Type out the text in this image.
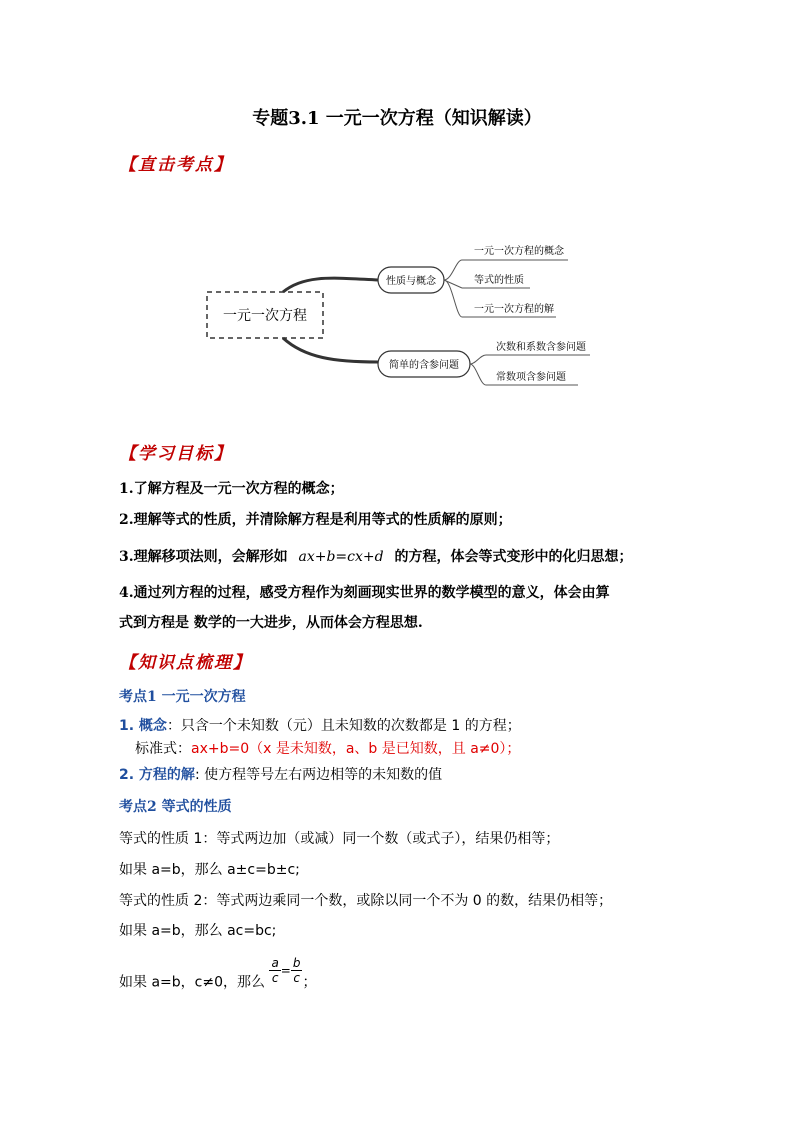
专题3.1 一元一次方程（知识解读）
【直击考点】
一元一次方程
性质与概念
一元一次方程的概念
等式的性质
一元一次方程的解
简单的含参问题
次数和系数含参问题
常数项含参问题
【学习目标】
1.了解方程及一元一次方程的概念；
2.理解等式的性质，并清除解方程是利用等式的性质解的原则；
3.理解移项法则，会解形如 ax+b=cx+d 的方程，体会等式变形中的化归思想；
4.通过列方程的过程，感受方程作为刻画现实世界的数学模型的意义，体会由算
式到方程是 数学的一大进步，从而体会方程思想.
【知识点梳理】
考点1 一元一次方程
1. 概念：只含一个未知数（元）且未知数的次数都是 1 的方程；
标准式：ax+b=0（x 是未知数，a、b 是已知数，且 a≠0）；
2. 方程的解: 使方程等号左右两边相等的未知数的值
考点2 等式的性质
等式的性质 1：等式两边加（或减）同一个数（或式子），结果仍相等；
如果 a=b，那么 a±c=b±c;
等式的性质 2：等式两边乘同一个数，或除以同一个不为 0 的数，结果仍相等；
如果 a=b，那么 ac=bc;
如果 a=b，c≠0，那么 $\frac{a}{c} = \frac{b}{c}$ ；
